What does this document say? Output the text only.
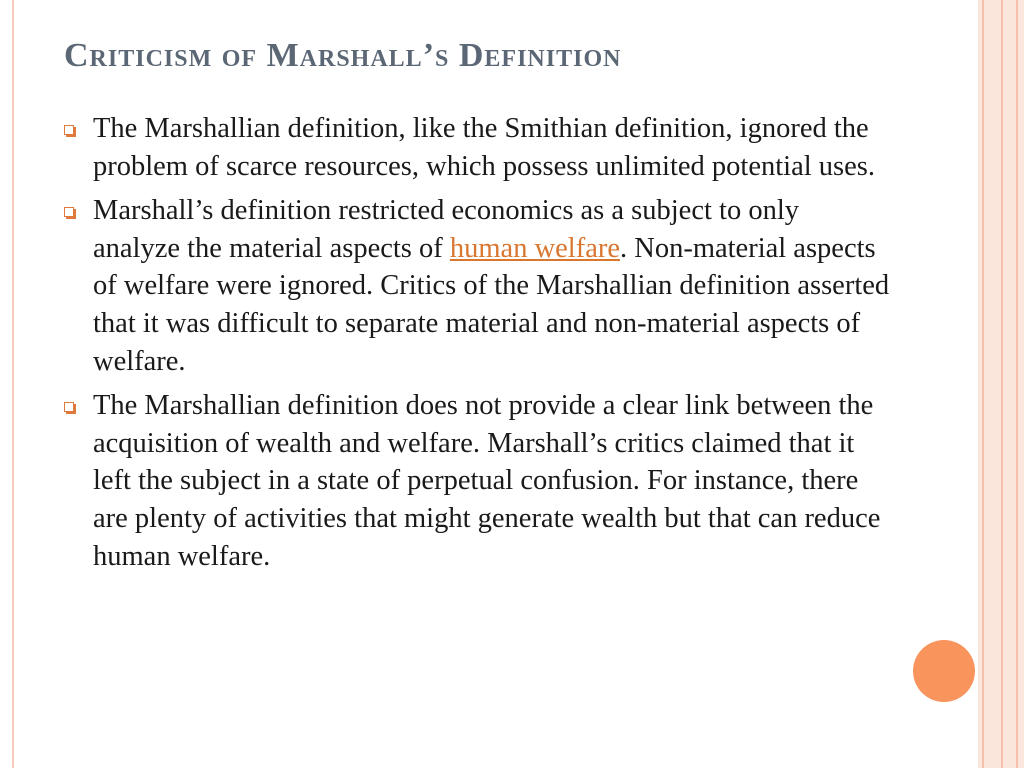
Criticism of Marshall’s Definition
The Marshallian definition, like the Smithian definition, ignored the problem of scarce resources, which possess unlimited potential uses.
Marshall’s definition restricted economics as a subject to only analyze the material aspects of human welfare. Non-material aspects of welfare were ignored. Critics of the Marshallian definition asserted that it was difficult to separate material and non-material aspects of welfare.
The Marshallian definition does not provide a clear link between the acquisition of wealth and welfare. Marshall’s critics claimed that it left the subject in a state of perpetual confusion. For instance, there are plenty of activities that might generate wealth but that can reduce human welfare.
